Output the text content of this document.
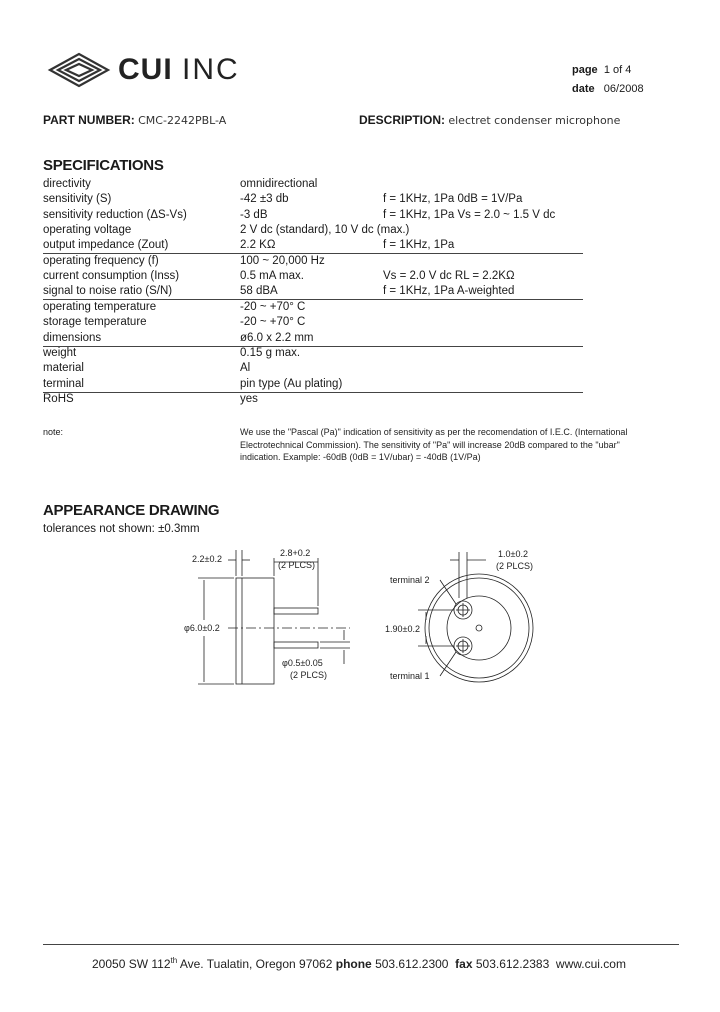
CUI INC	page 1 of 4
date 06/2008
PART NUMBER: CMC-2242PBL-A	DESCRIPTION: electret condenser microphone
SPECIFICATIONS
directivity	omnidirectional
sensitivity (S)	-42 ±3 db	f = 1KHz, 1Pa 0dB = 1V/Pa
sensitivity reduction (ΔS-Vs)	-3 dB	f = 1KHz, 1Pa Vs = 2.0 ~ 1.5 V dc
operating voltage	2 V dc (standard), 10 V dc (max.)
output impedance (Zout)	2.2 KΩ	f = 1KHz, 1Pa
operating frequency (f)	100 ~ 20,000 Hz
current consumption (Inss)	0.5 mA max.	Vs = 2.0 V dc RL = 2.2KΩ
signal to noise ratio (S/N)	58 dBA	f = 1KHz, 1Pa A-weighted
operating temperature	-20 ~ +70° C
storage temperature	-20 ~ +70° C
dimensions	ø6.0 x 2.2 mm
weight	0.15 g max.
material	Al
terminal	pin type (Au plating)
RoHS	yes
note:	We use the "Pascal (Pa)" indication of sensitivity as per the recomendation of I.E.C. (International Electrotechnical Commission). The sensitivity of "Pa" will increase 20dB compared to the "ubar" indication. Example: -60dB (0dB = 1V/ubar) = -40dB (1V/Pa)
APPEARANCE DRAWING
tolerances not shown: ±0.3mm
2.2±0.2
2.8+0.2
(2 PLCS)
φ6.0±0.2
φ0.5±0.05
(2 PLCS)
1.0±0.2
(2 PLCS)
1.90±0.2
terminal 2
terminal 1
20050 SW 112th Ave. Tualatin, Oregon 97062 phone 503.612.2300 fax 503.612.2383 www.cui.com
